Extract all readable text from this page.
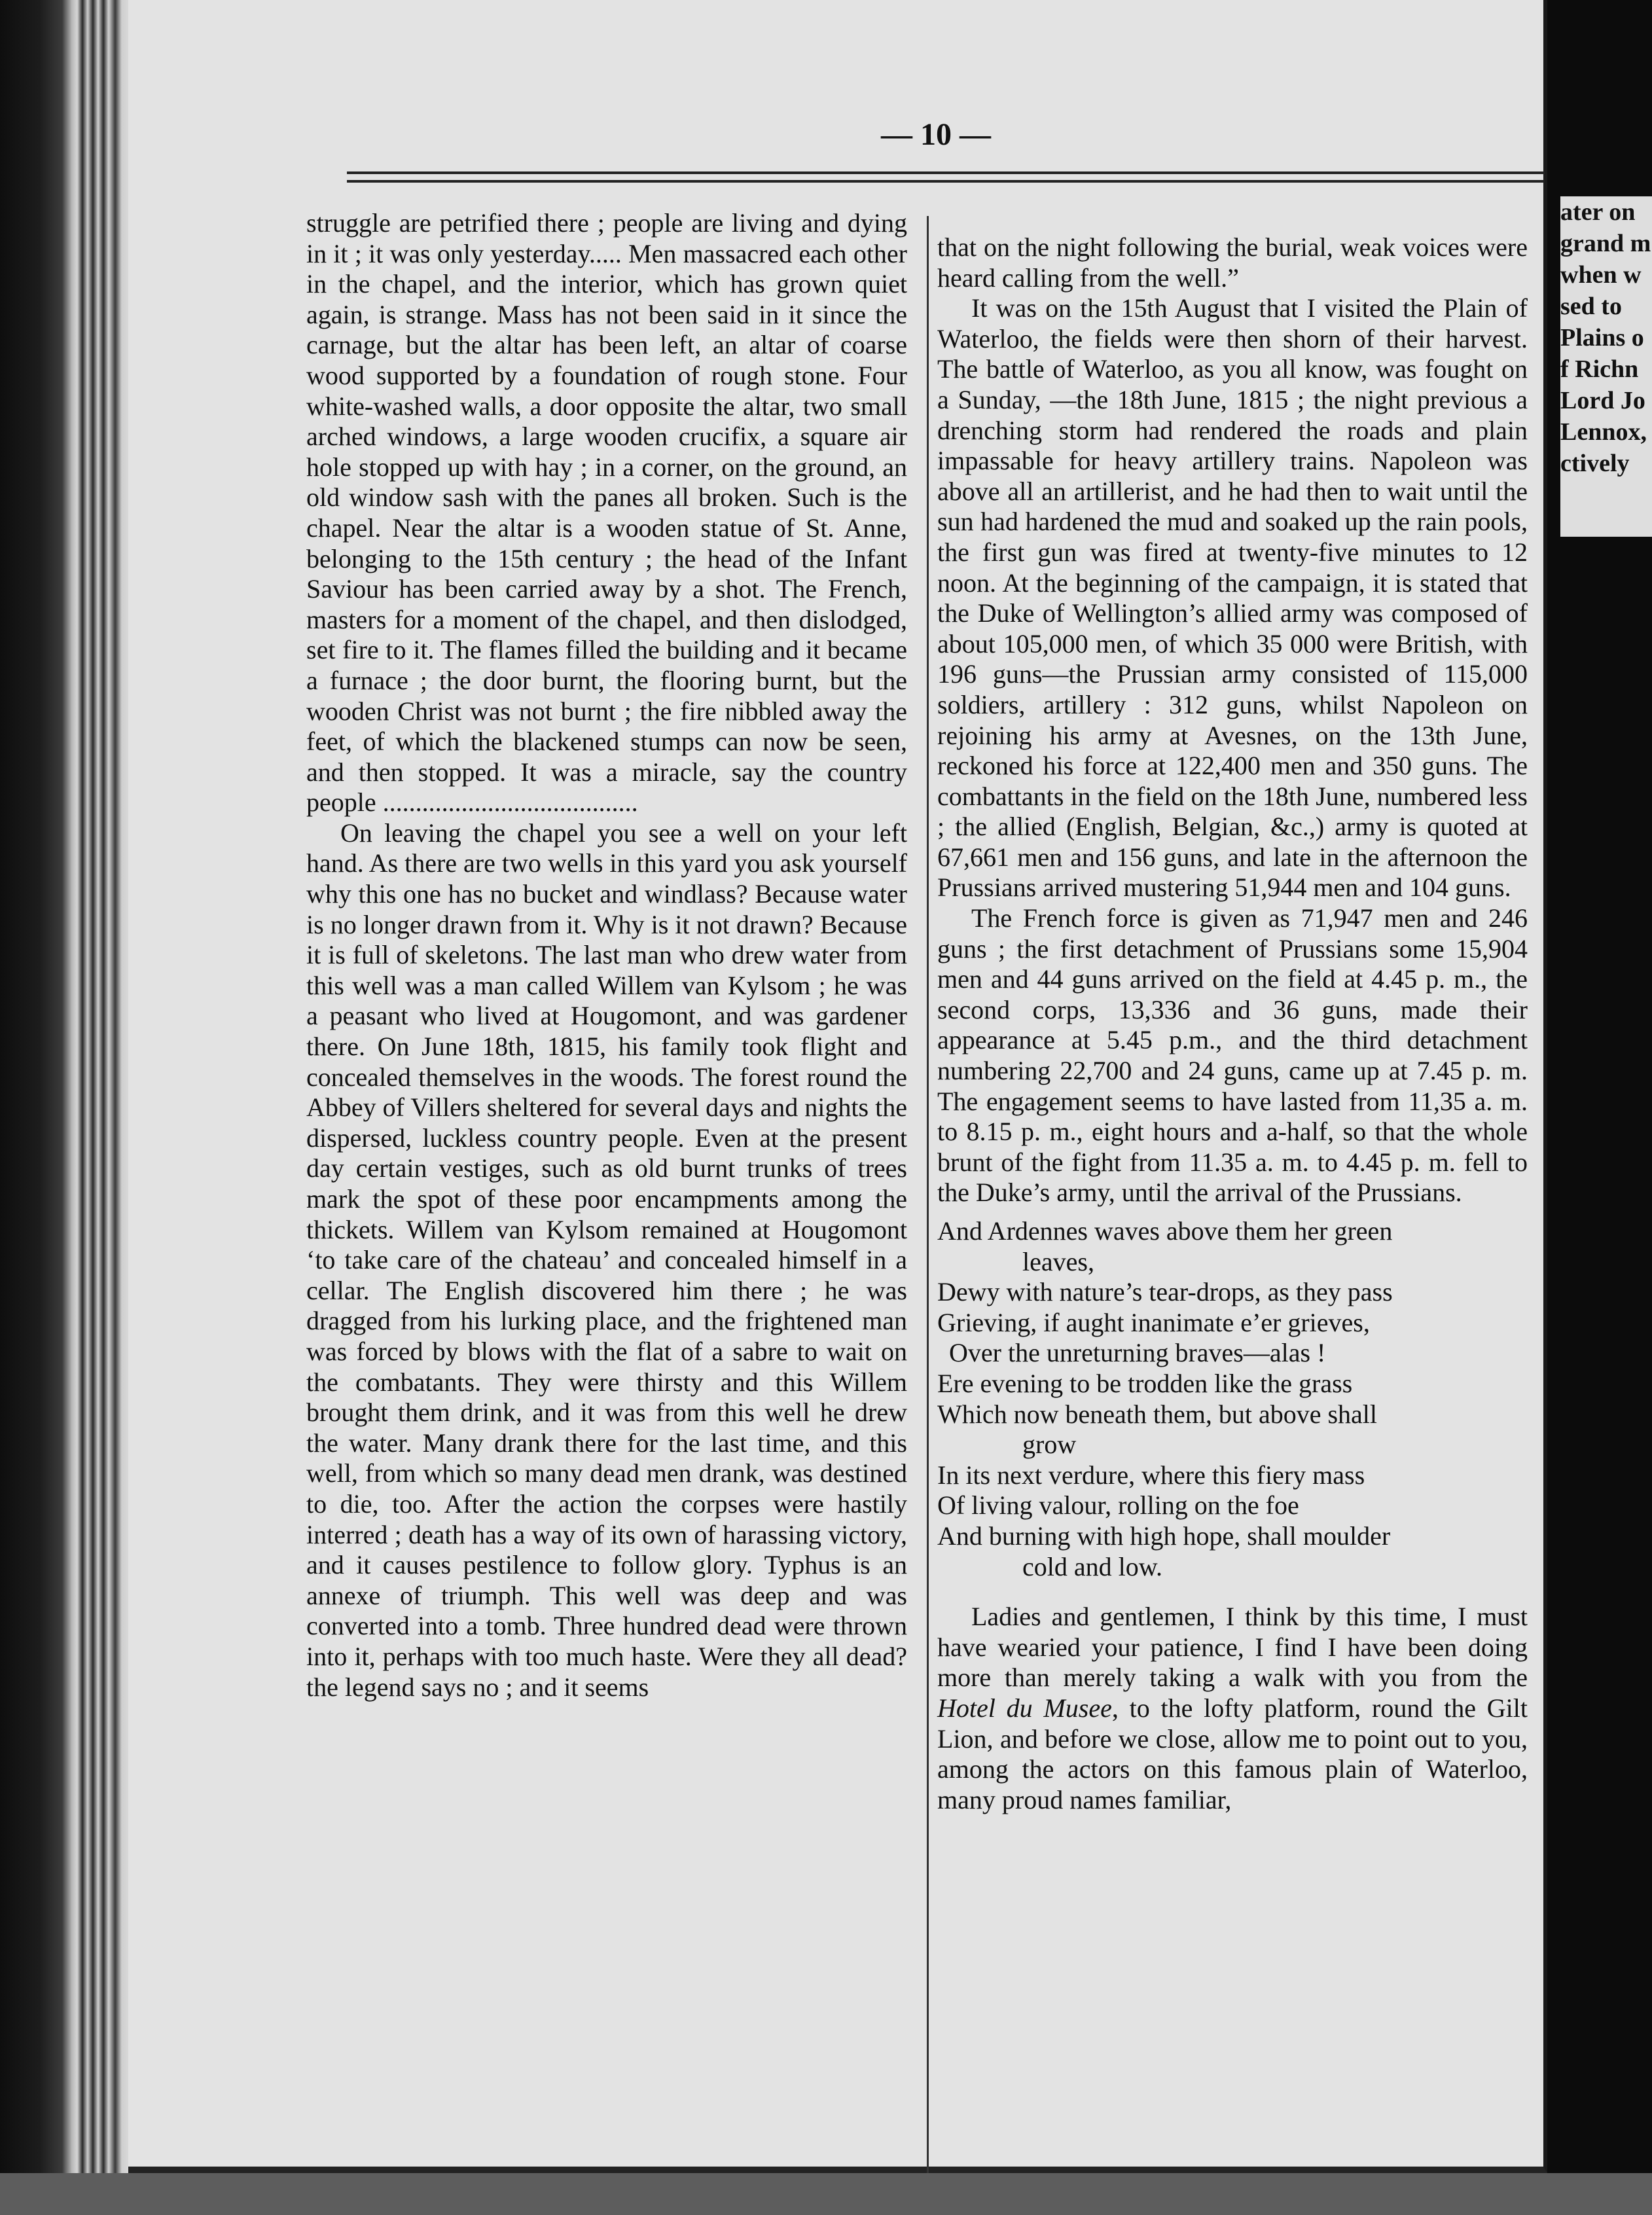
ater on
grand m
when w
sed to
Plains o
f Richn
Lord Jo
Lennox,
ctively
— 10 —

struggle are petrified there ; people are living and dying in it ; it was only yesterday..... Men massacred each other in the chapel, and the interior, which has grown quiet again, is strange. Mass has not been said in it since the carnage, but the altar has been left, an altar of coarse wood supported by a foundation of rough stone. Four white-washed walls, a door opposite the altar, two small arched windows, a large wooden crucifix, a square air hole stopped up with hay ; in a corner, on the ground, an old window sash with the panes all broken. Such is the chapel. Near the altar is a wooden statue of St. Anne, belonging to the 15th century ; the head of the Infant Saviour has been carried away by a shot. The French, masters for a moment of the chapel, and then dislodged, set fire to it. The flames filled the building and it became a furnace ; the door burnt, the flooring burnt, but the wooden Christ was not burnt ; the fire nibbled away the feet, of which the blackened stumps can now be seen, and then stopped. It was a miracle, say the country people .......................................

On leaving the chapel you see a well on your left hand. As there are two wells in this yard you ask yourself why this one has no bucket and windlass? Because water is no longer drawn from it. Why is it not drawn? Because it is full of skeletons. The last man who drew water from this well was a man called Willem van Kylsom ; he was a peasant who lived at Hougomont, and was gardener there. On June 18th, 1815, his family took flight and concealed themselves in the woods. The forest round the Abbey of Villers sheltered for several days and nights the dispersed, luckless country people. Even at the present day certain vestiges, such as old burnt trunks of trees mark the spot of these poor encampments among the thickets. Willem van Kylsom remained at Hougomont ‘to take care of the chateau’ and concealed himself in a cellar. The English discovered him there ; he was dragged from his lurking place, and the frightened man was forced by blows with the flat of a sabre to wait on the combatants. They were thirsty and this Willem brought them drink, and it was from this well he drew the water. Many drank there for the last time, and this well, from which so many dead men drank, was destined to die, too. After the action the corpses were hastily interred ; death has a way of its own of harassing victory, and it causes pestilence to follow glory. Typhus is an annexe of triumph. This well was deep and was converted into a tomb. Three hundred dead were thrown into it, perhaps with too much haste. Were they all dead? the legend says no ; and it seems

that on the night following the burial, weak voices were heard calling from the well.”

It was on the 15th August that I visited the Plain of Waterloo, the fields were then shorn of their harvest. The battle of Waterloo, as you all know, was fought on a Sunday, —the 18th June, 1815 ; the night previous a drenching storm had rendered the roads and plain impassable for heavy artillery trains. Napoleon was above all an artillerist, and he had then to wait until the sun had hardened the mud and soaked up the rain pools, the first gun was fired at twenty-five minutes to 12 noon. At the beginning of the campaign, it is stated that the Duke of Wellington’s allied army was composed of about 105,000 men, of which 35 000 were British, with 196 guns—the Prussian army consisted of 115,000 soldiers, artillery : 312 guns, whilst Napoleon on rejoining his army at Avesnes, on the 13th June, reckoned his force at 122,400 men and 350 guns. The combattants in the field on the 18th June, numbered less ; the allied (English, Belgian, &c.,) army is quoted at 67,661 men and 156 guns, and late in the afternoon the Prussians arrived mustering 51,944 men and 104 guns.

The French force is given as 71,947 men and 246 guns ; the first detachment of Prussians some 15,904 men and 44 guns arrived on the field at 4.45 p. m., the second corps, 13,336 and 36 guns, made their appearance at 5.45 p.m., and the third detachment numbering 22,700 and 24 guns, came up at 7.45 p. m. The engagement seems to have lasted from 11,35 a. m. to 8.15 p. m., eight hours and a-half, so that the whole brunt of the fight from 11.35 a. m. to 4.45 p. m. fell to the Duke’s army, until the arrival of the Prussians.

And Ardennes waves above them her green
leaves,
Dewy with nature’s tear-drops, as they pass
Grieving, if aught inanimate e’er grieves,
Over the unreturning braves—alas !
Ere evening to be trodden like the grass
Which now beneath them, but above shall
grow
In its next verdure, where this fiery mass
Of living valour, rolling on the foe
And burning with high hope, shall moulder
cold and low.

Ladies and gentlemen, I think by this time, I must have wearied your patience, I find I have been doing more than merely taking a walk with you from the Hotel du Musee, to the lofty platform, round the Gilt Lion, and before we close, allow me to point out to you, among the actors on this famous plain of Waterloo, many proud names familiar,
